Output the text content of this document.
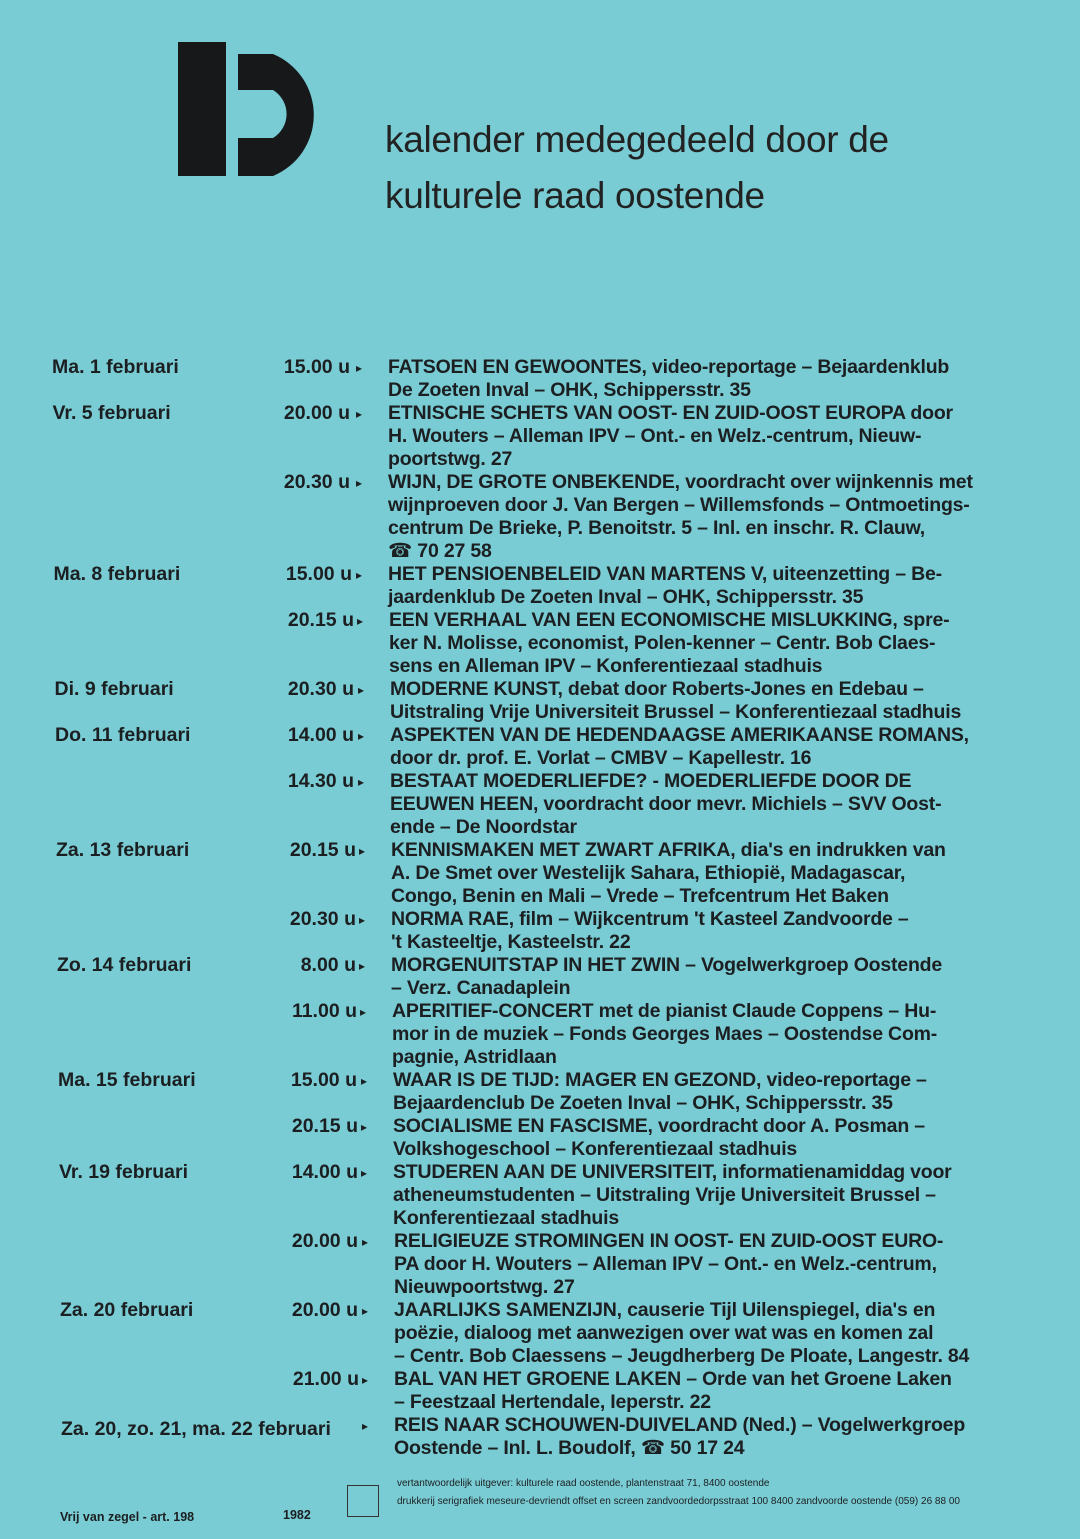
kalender medegedeeld door de
kulturele raad oostende
Ma. 1 februari	15.00 u ▸ FATSOEN EN GEWOONTES, video-reportage – Bejaardenklub
De Zoeten Inval – OHK, Schippersstr. 35
Vr. 5 februari	20.00 u ▸ ETNISCHE SCHETS VAN OOST- EN ZUID-OOST EUROPA door
H. Wouters – Alleman IPV – Ont.- en Welz.-centrum, Nieuw-
poortstwg. 27
20.30 u ▸ WIJN, DE GROTE ONBEKENDE, voordracht over wijnkennis met
wijnproeven door J. Van Bergen – Willemsfonds – Ontmoetings-
centrum De Brieke, P. Benoitstr. 5 – Inl. en inschr. R. Clauw,
☎ 70 27 58
Ma. 8 februari	15.00 u ▸ HET PENSIOENBELEID VAN MARTENS V, uiteenzetting – Be-
jaardenklub De Zoeten Inval – OHK, Schippersstr. 35
20.15 u ▸ EEN VERHAAL VAN EEN ECONOMISCHE MISLUKKING, spre-
ker N. Molisse, economist, Polen-kenner – Centr. Bob Claes-
sens en Alleman IPV – Konferentiezaal stadhuis
Di. 9 februari	20.30 u ▸ MODERNE KUNST, debat door Roberts-Jones en Edebau –
Uitstraling Vrije Universiteit Brussel – Konferentiezaal stadhuis
Do. 11 februari	14.00 u ▸ ASPEKTEN VAN DE HEDENDAAGSE AMERIKAANSE ROMANS,
door dr. prof. E. Vorlat – CMBV – Kapellestr. 16
14.30 u ▸ BESTAAT MOEDERLIEFDE? - MOEDERLIEFDE DOOR DE
EEUWEN HEEN, voordracht door mevr. Michiels – SVV Oost-
ende – De Noordstar
Za. 13 februari	20.15 u ▸ KENNISMAKEN MET ZWART AFRIKA, dia's en indrukken van
A. De Smet over Westelijk Sahara, Ethiopië, Madagascar,
Congo, Benin en Mali – Vrede – Trefcentrum Het Baken
20.30 u ▸ NORMA RAE, film – Wijkcentrum 't Kasteel Zandvoorde –
't Kasteeltje, Kasteelstr. 22
Zo. 14 februari	8.00 u ▸ MORGENUITSTAP IN HET ZWIN – Vogelwerkgroep Oostende
– Verz. Canadaplein
11.00 u ▸ APERITIEF-CONCERT met de pianist Claude Coppens – Hu-
mor in de muziek – Fonds Georges Maes – Oostendse Com-
pagnie, Astridlaan
Ma. 15 februari	15.00 u ▸ WAAR IS DE TIJD: MAGER EN GEZOND, video-reportage –
Bejaardenclub De Zoeten Inval – OHK, Schippersstr. 35
20.15 u ▸ SOCIALISME EN FASCISME, voordracht door A. Posman –
Volkshogeschool – Konferentiezaal stadhuis
Vr. 19 februari	14.00 u ▸ STUDEREN AAN DE UNIVERSITEIT, informatienamiddag voor
atheneumstudenten – Uitstraling Vrije Universiteit Brussel –
Konferentiezaal stadhuis
20.00 u ▸ RELIGIEUZE STROMINGEN IN OOST- EN ZUID-OOST EURO-
PA door H. Wouters – Alleman IPV – Ont.- en Welz.-centrum,
Nieuwpoortstwg. 27
Za. 20 februari	20.00 u ▸ JAARLIJKS SAMENZIJN, causerie Tijl Uilenspiegel, dia's en
poëzie, dialoog met aanwezigen over wat was en komen zal
– Centr. Bob Claessens – Jeugdherberg De Ploate, Langestr. 84
21.00 u ▸ BAL VAN HET GROENE LAKEN – Orde van het Groene Laken
– Feestzaal Hertendale, Ieperstr. 22
Za. 20, zo. 21, ma. 22 februari	▸ REIS NAAR SCHOUWEN-DUIVELAND (Ned.) – Vogelwerkgroep
Oostende – Inl. L. Boudolf, ☎ 50 17 24
Vrij van zegel - art. 198	1982
vertantwoordelijk uitgever: kulturele raad oostende, plantenstraat 71, 8400 oostende
drukkerij serigrafiek meseure-devriendt offset en screen zandvoordedorpsstraat 100 8400 zandvoorde oostende (059) 26 88 00
